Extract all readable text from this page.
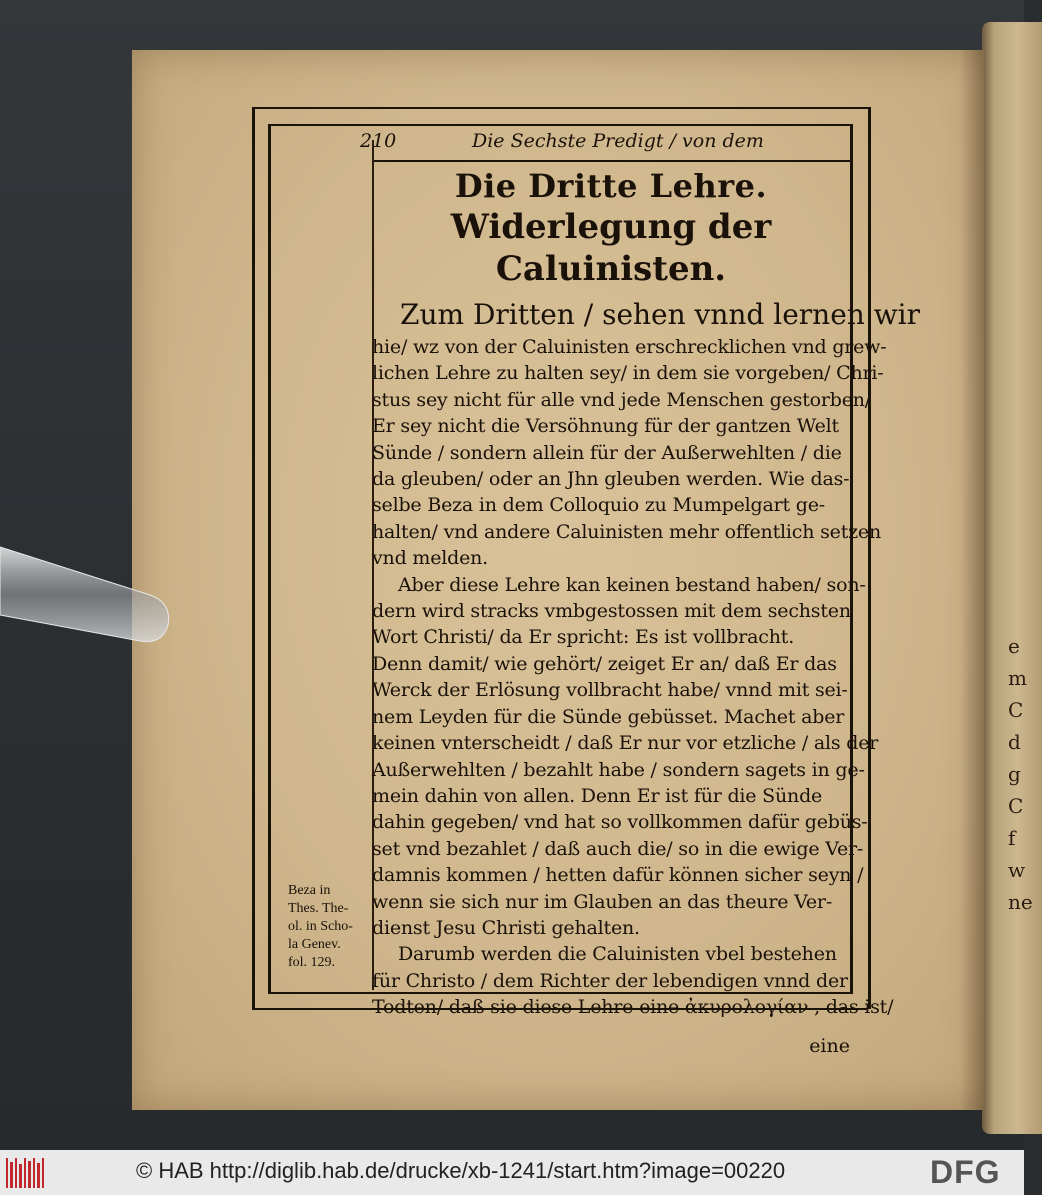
e
m
C
d
g
C
f
w
ne
210	Die Sechste Predigt / von dem
Die Dritte Lehre.
Widerlegung der Caluinisten.
Zum Dritten / sehen vnnd lernen wir
hie/ wz von der Caluinisten erschrecklichen vnd grew-
lichen Lehre zu halten sey/ in dem sie vorgeben/ Chri-
stus sey nicht für alle vnd jede Menschen gestorben/
Er sey nicht die Versöhnung für der gantzen Welt
Sünde / sondern allein für der Außerwehlten / die
da gleuben/ oder an Jhn gleuben werden. Wie das-
selbe Beza in dem Colloquio zu Mumpelgart ge-
halten/ vnd andere Caluinisten mehr offentlich setzen
vnd melden.
Aber diese Lehre kan keinen bestand haben/ son-
dern wird stracks vmbgestossen mit dem sechsten
Wort Christi/ da Er spricht: Es ist vollbracht.
Denn damit/ wie gehört/ zeiget Er an/ daß Er das
Werck der Erlösung vollbracht habe/ vnnd mit sei-
nem Leyden für die Sünde gebüsset. Machet aber
keinen vnterscheidt / daß Er nur vor etzliche / als der
Außerwehlten / bezahlt habe / sondern sagets in ge-
mein dahin von allen. Denn Er ist für die Sünde
dahin gegeben/ vnd hat so vollkommen dafür gebüs-
set vnd bezahlet / daß auch die/ so in die ewige Ver-
damnis kommen / hetten dafür können sicher seyn /
wenn sie sich nur im Glauben an das theure Ver-
dienst Jesu Christi gehalten.
Darumb werden die Caluinisten vbel bestehen
für Christo / dem Richter der lebendigen vnnd der
Todten/ daß sie diese Lehre eine ἀκυρολογίαν , das ist/
eine
Beza in
Thes. The-
ol. in Scho-
la Genev.
fol. 129.
© HAB http://diglib.hab.de/drucke/xb-1241/start.htm?image=00220	DFG
